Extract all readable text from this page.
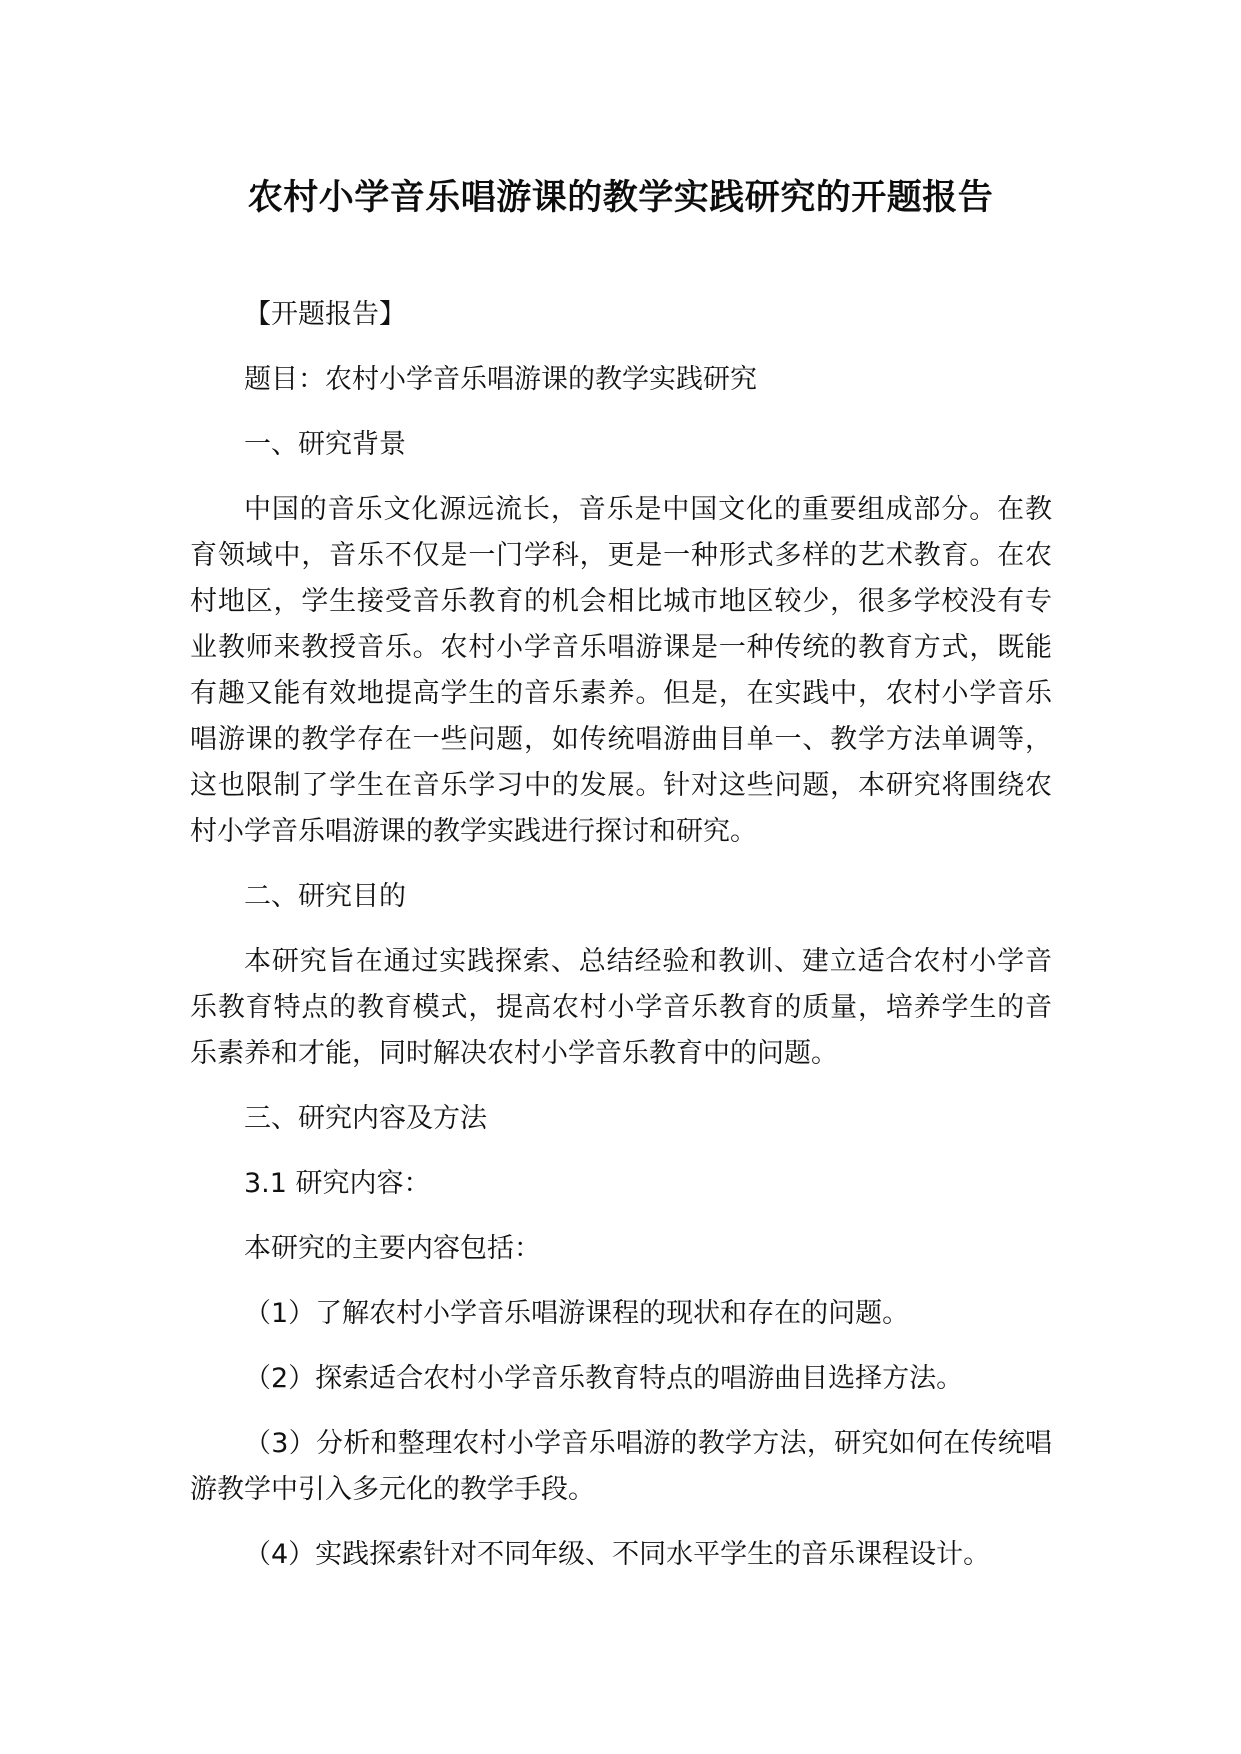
农村小学音乐唱游课的教学实践研究的开题报告

【开题报告】

题目：农村小学音乐唱游课的教学实践研究

一、研究背景

中国的音乐文化源远流长，音乐是中国文化的重要组成部分。在教育领域中，音乐不仅是一门学科，更是一种形式多样的艺术教育。在农村地区，学生接受音乐教育的机会相比城市地区较少，很多学校没有专业教师来教授音乐。农村小学音乐唱游课是一种传统的教育方式，既能有趣又能有效地提高学生的音乐素养。但是，在实践中，农村小学音乐唱游课的教学存在一些问题，如传统唱游曲目单一、教学方法单调等，这也限制了学生在音乐学习中的发展。针对这些问题，本研究将围绕农村小学音乐唱游课的教学实践进行探讨和研究。

二、研究目的

本研究旨在通过实践探索、总结经验和教训、建立适合农村小学音乐教育特点的教育模式，提高农村小学音乐教育的质量，培养学生的音乐素养和才能，同时解决农村小学音乐教育中的问题。

三、研究内容及方法

3.1 研究内容：

本研究的主要内容包括：

（1）了解农村小学音乐唱游课程的现状和存在的问题。

（2）探索适合农村小学音乐教育特点的唱游曲目选择方法。

（3）分析和整理农村小学音乐唱游的教学方法，研究如何在传统唱游教学中引入多元化的教学手段。

（4）实践探索针对不同年级、不同水平学生的音乐课程设计。
